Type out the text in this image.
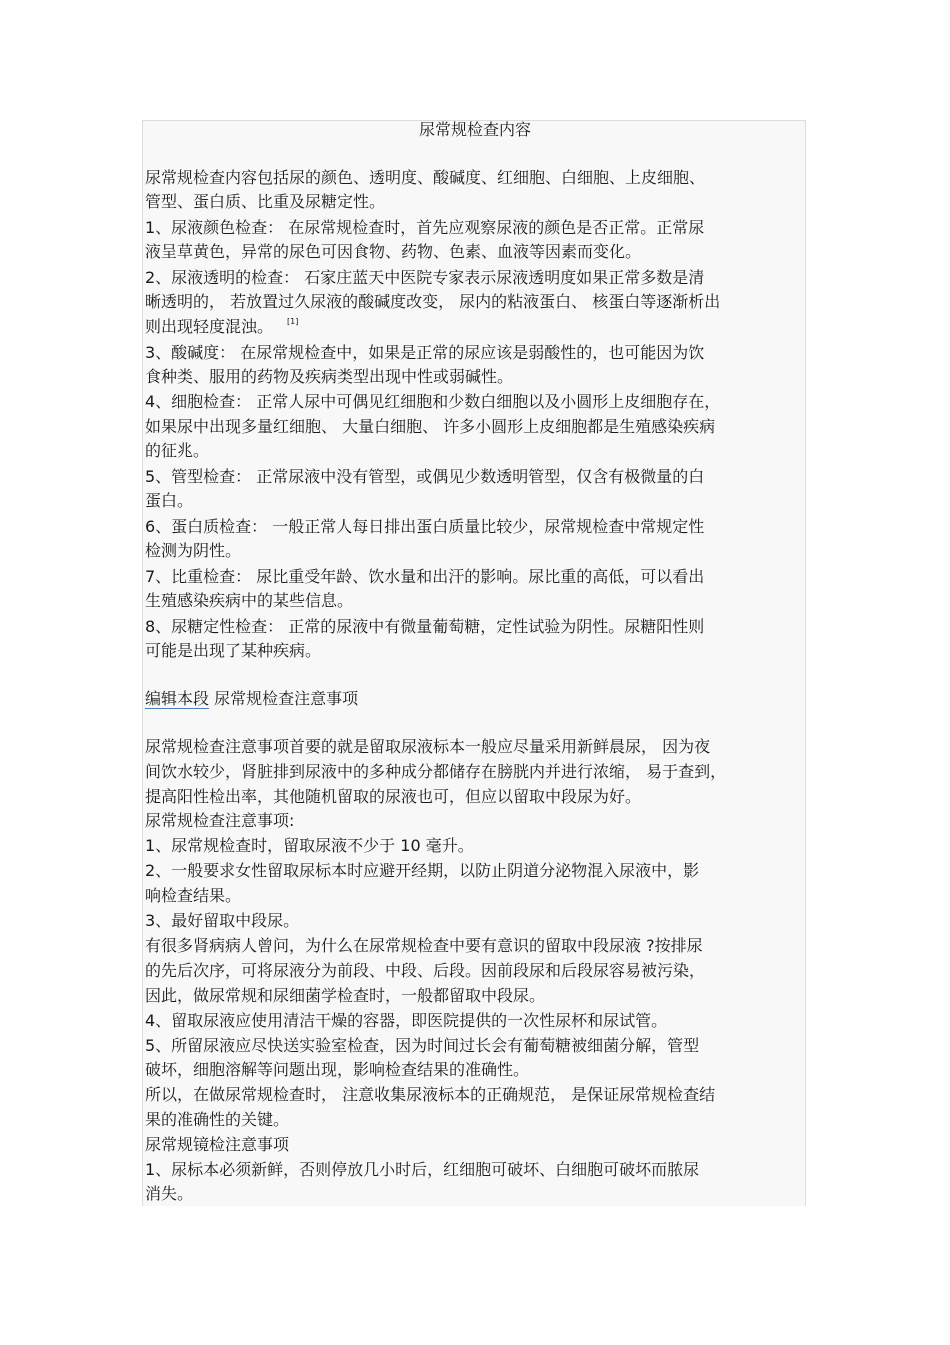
尿常规检查内容
尿常规检查内容包括尿的颜色、透明度、酸碱度、红细胞、白细胞、上皮细胞、
管型、蛋白质、比重及尿糖定性。
1、尿液颜色检查： 在尿常规检查时，首先应观察尿液的颜色是否正常。正常尿
液呈草黄色，异常的尿色可因食物、药物、色素、血液等因素而变化。
2、尿液透明的检查： 石家庄蓝天中医院专家表示尿液透明度如果正常多数是清
晰透明的， 若放置过久尿液的酸碱度改变， 尿内的粘液蛋白、 核蛋白等逐渐析出
则出现轻度混浊。 [1]
3、酸碱度： 在尿常规检查中，如果是正常的尿应该是弱酸性的，也可能因为饮
食种类、服用的药物及疾病类型出现中性或弱碱性。
4、细胞检查： 正常人尿中可偶见红细胞和少数白细胞以及小圆形上皮细胞存在，
如果尿中出现多量红细胞、 大量白细胞、 许多小圆形上皮细胞都是生殖感染疾病
的征兆。
5、管型检查： 正常尿液中没有管型，或偶见少数透明管型，仅含有极微量的白
蛋白。
6、蛋白质检查： 一般正常人每日排出蛋白质量比较少，尿常规检查中常规定性
检测为阴性。
7、比重检查： 尿比重受年龄、饮水量和出汗的影响。尿比重的高低，可以看出
生殖感染疾病中的某些信息。
8、尿糖定性检查： 正常的尿液中有微量葡萄糖，定性试验为阴性。尿糖阳性则
可能是出现了某种疾病。
编辑本段 尿常规检查注意事项
尿常规检查注意事项首要的就是留取尿液标本一般应尽量采用新鲜晨尿， 因为夜
间饮水较少，肾脏排到尿液中的多种成分都储存在膀胱内并进行浓缩， 易于查到，
提高阳性检出率，其他随机留取的尿液也可，但应以留取中段尿为好。
尿常规检查注意事项:
1、尿常规检查时，留取尿液不少于 10 毫升。
2、一般要求女性留取尿标本时应避开经期，以防止阴道分泌物混入尿液中，影
响检查结果。
3、最好留取中段尿。
有很多肾病病人曾问，为什么在尿常规检查中要有意识的留取中段尿液 ?按排尿
的先后次序，可将尿液分为前段、中段、后段。因前段尿和后段尿容易被污染，
因此，做尿常规和尿细菌学检查时，一般都留取中段尿。
4、留取尿液应使用清洁干燥的容器，即医院提供的一次性尿杯和尿试管。
5、所留尿液应尽快送实验室检查，因为时间过长会有葡萄糖被细菌分解，管型
破坏，细胞溶解等问题出现，影响检查结果的准确性。
所以，在做尿常规检查时， 注意收集尿液标本的正确规范， 是保证尿常规检查结
果的准确性的关键。
尿常规镜检注意事项
1、尿标本必须新鲜，否则停放几小时后，红细胞可破坏、白细胞可破坏而脓尿
消失。
